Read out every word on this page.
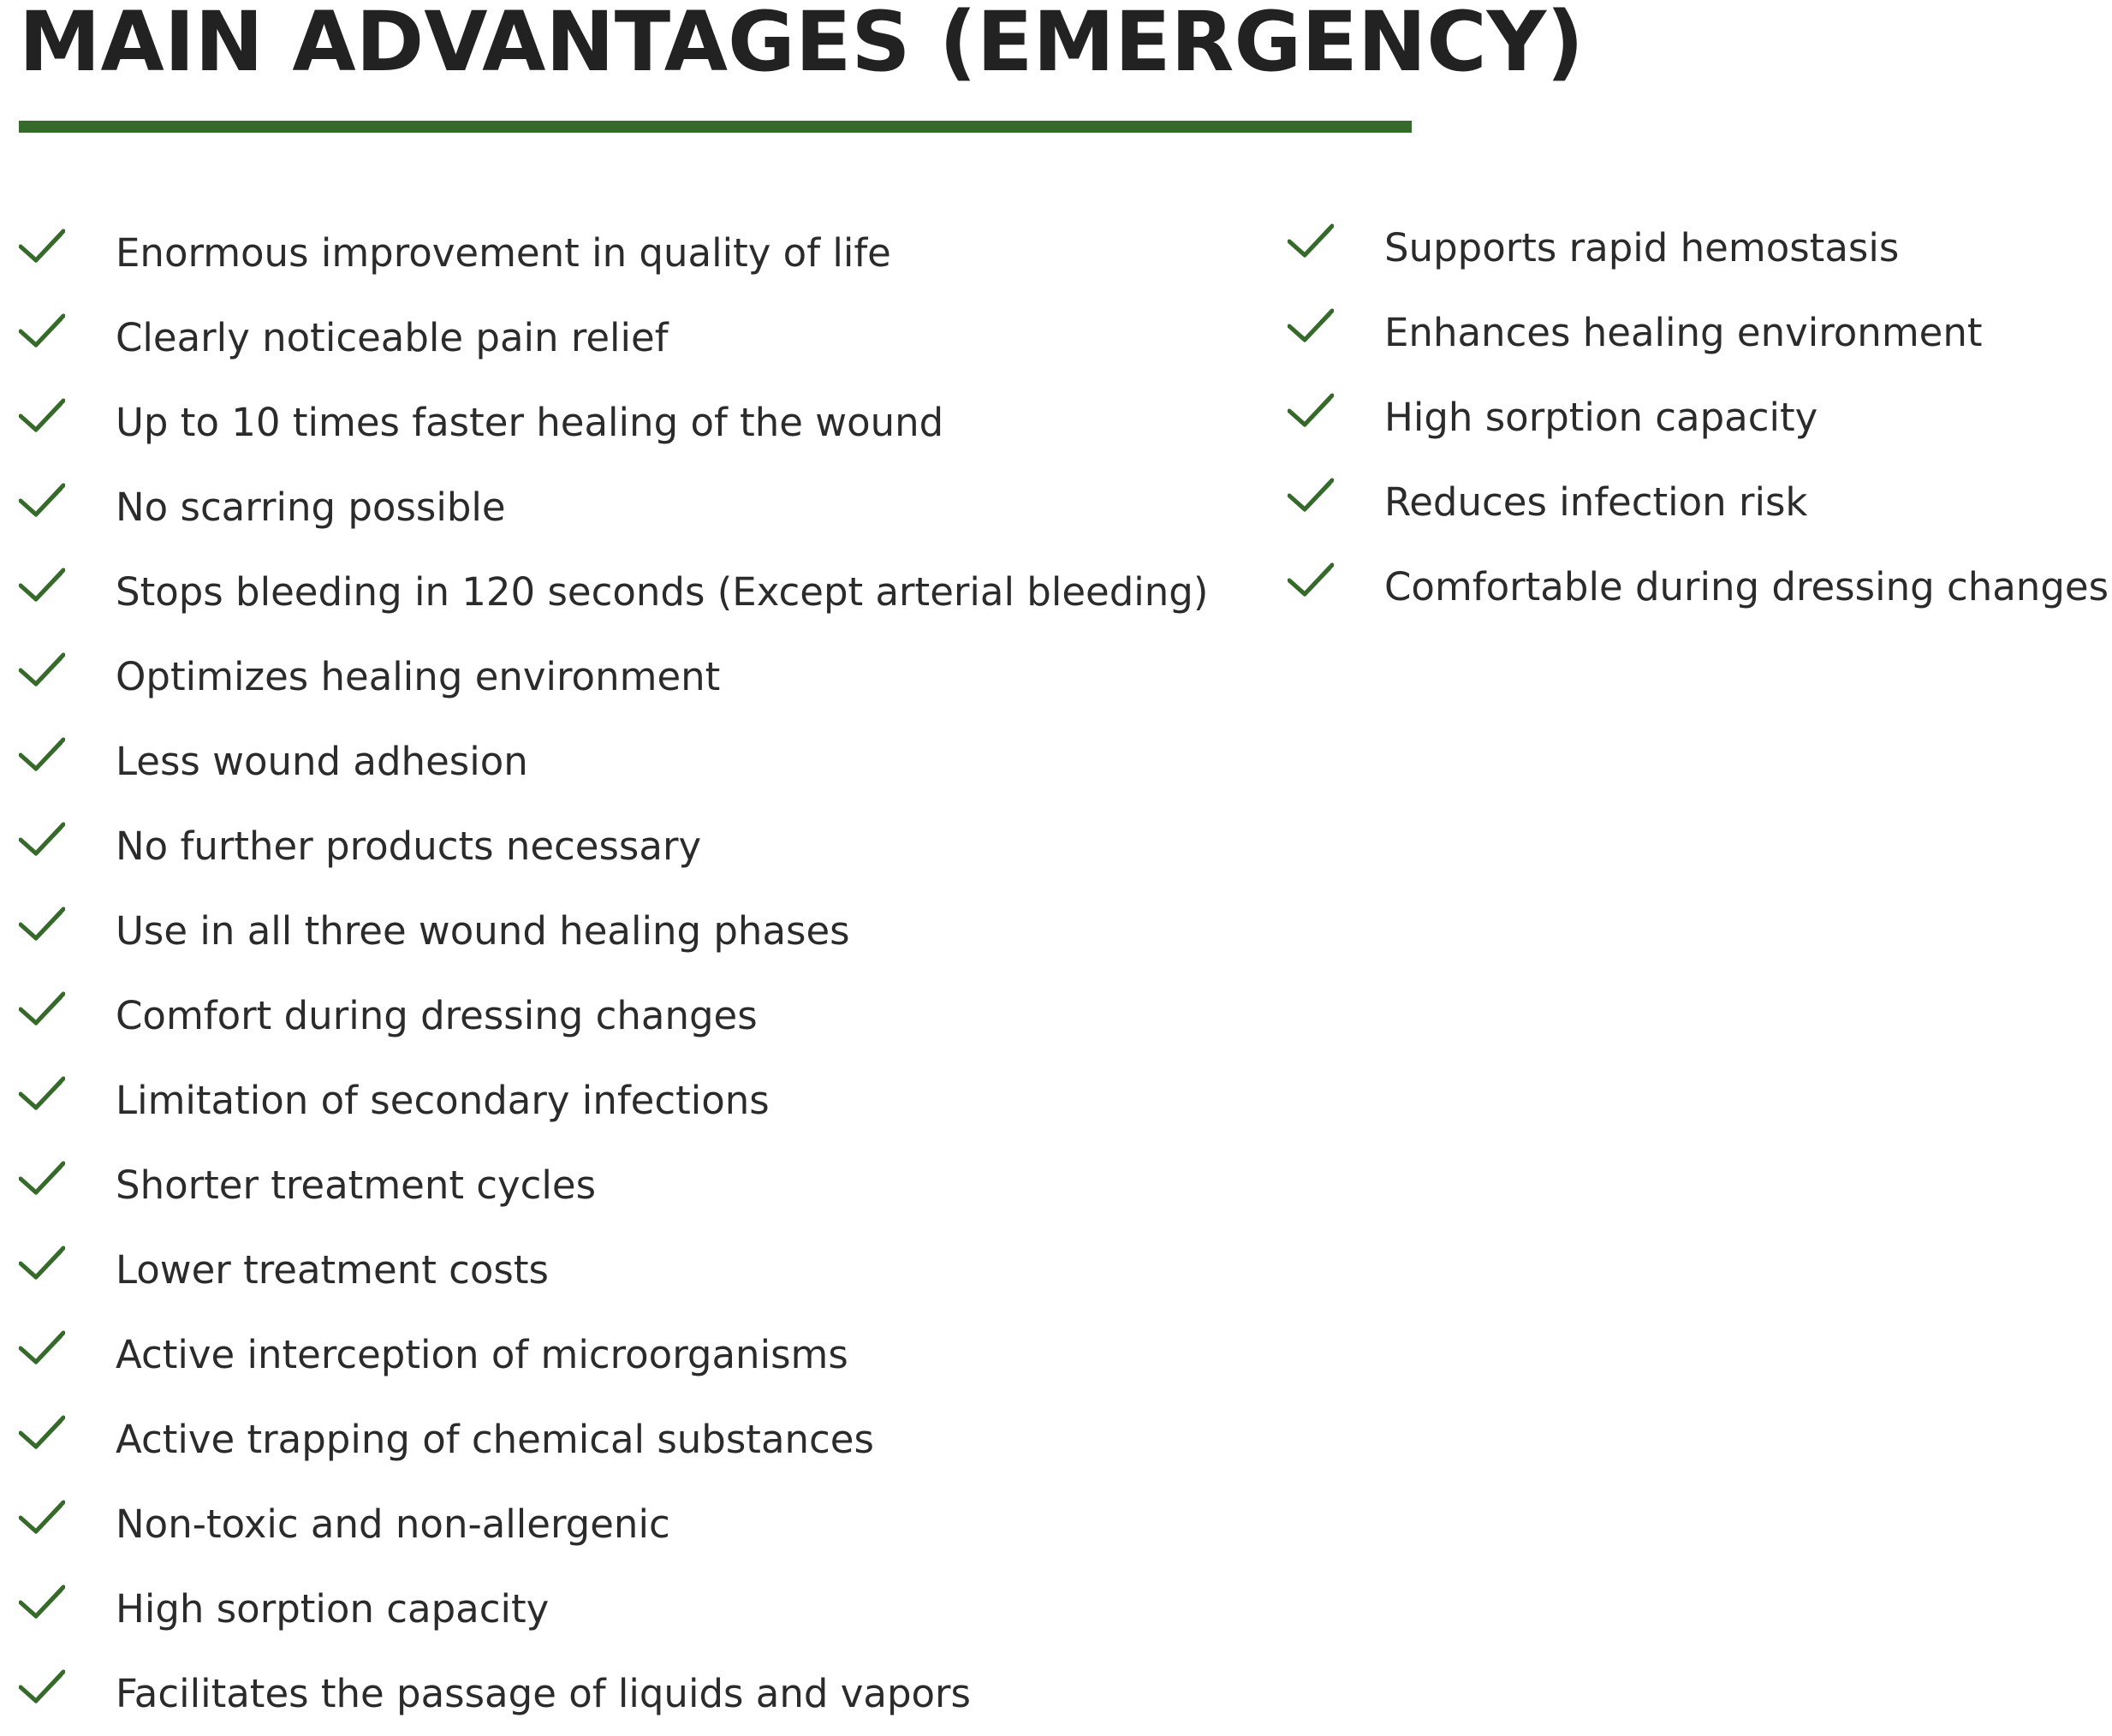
MAIN ADVANTAGES (EMERGENCY)
Enormous improvement in quality of life
Clearly noticeable pain relief
Up to 10 times faster healing of the wound
No scarring possible
Stops bleeding in 120 seconds (Except arterial bleeding)
Optimizes healing environment
Less wound adhesion
No further products necessary
Use in all three wound healing phases
Comfort during dressing changes
Limitation of secondary infections
Shorter treatment cycles
Lower treatment costs
Active interception of microorganisms
Active trapping of chemical substances
Non-toxic and non-allergenic
High sorption capacity
Facilitates the passage of liquids and vapors
Supports rapid hemostasis
Enhances healing environment
High sorption capacity
Reduces infection risk
Comfortable during dressing changes
